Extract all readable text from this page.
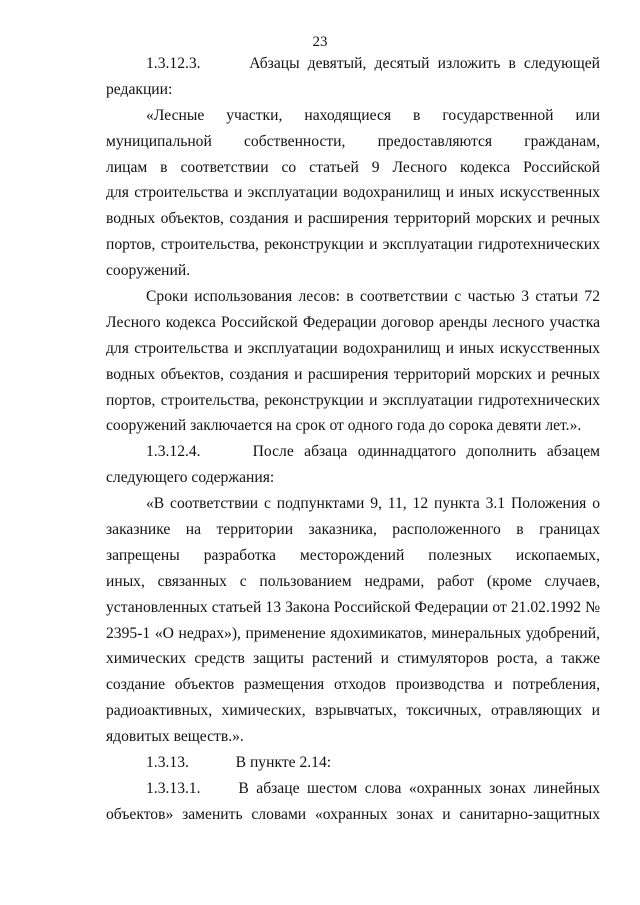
23
1.3.12.3.      Абзацы девятый, десятый изложить в следующей
редакции:
«Лесные участки, находящиеся в государственной или
муниципальной собственности, предоставляются гражданам,
лицам в соответствии со статьей 9 Лесного кодекса Российской
для строительства и эксплуатации водохранилищ и иных искусственных
водных объектов, создания и расширения территорий морских и речных
портов, строительства, реконструкции и эксплуатации гидротехнических
сооружений.
Сроки использования лесов: в соответствии с частью 3 статьи 72
Лесного кодекса Российской Федерации договор аренды лесного участка
для строительства и эксплуатации водохранилищ и иных искусственных
водных объектов, создания и расширения территорий морских и речных
портов, строительства, реконструкции и эксплуатации гидротехнических
сооружений заключается на срок от одного года до сорока девяти лет.».
1.3.12.4.     После абзаца одиннадцатого дополнить абзацем
следующего содержания:
«В соответствии с подпунктами 9, 11, 12 пункта 3.1 Положения о
заказнике на территории заказника, расположенного в границах
запрещены разработка месторождений полезных ископаемых,
иных, связанных с пользованием недрами, работ (кроме случаев,
установленных статьей 13 Закона Российской Федерации от 21.02.1992 №
2395-1 «О недрах»), применение ядохимикатов, минеральных удобрений,
химических средств защиты растений и стимуляторов роста, а также
создание объектов размещения отходов производства и потребления,
радиоактивных, химических, взрывчатых, токсичных, отравляющих и
ядовитых веществ.».
1.3.13.            В пункте 2.14:
1.3.13.1.     В абзаце шестом слова «охранных зонах линейных
объектов» заменить словами «охранных зонах и санитарно-защитных
